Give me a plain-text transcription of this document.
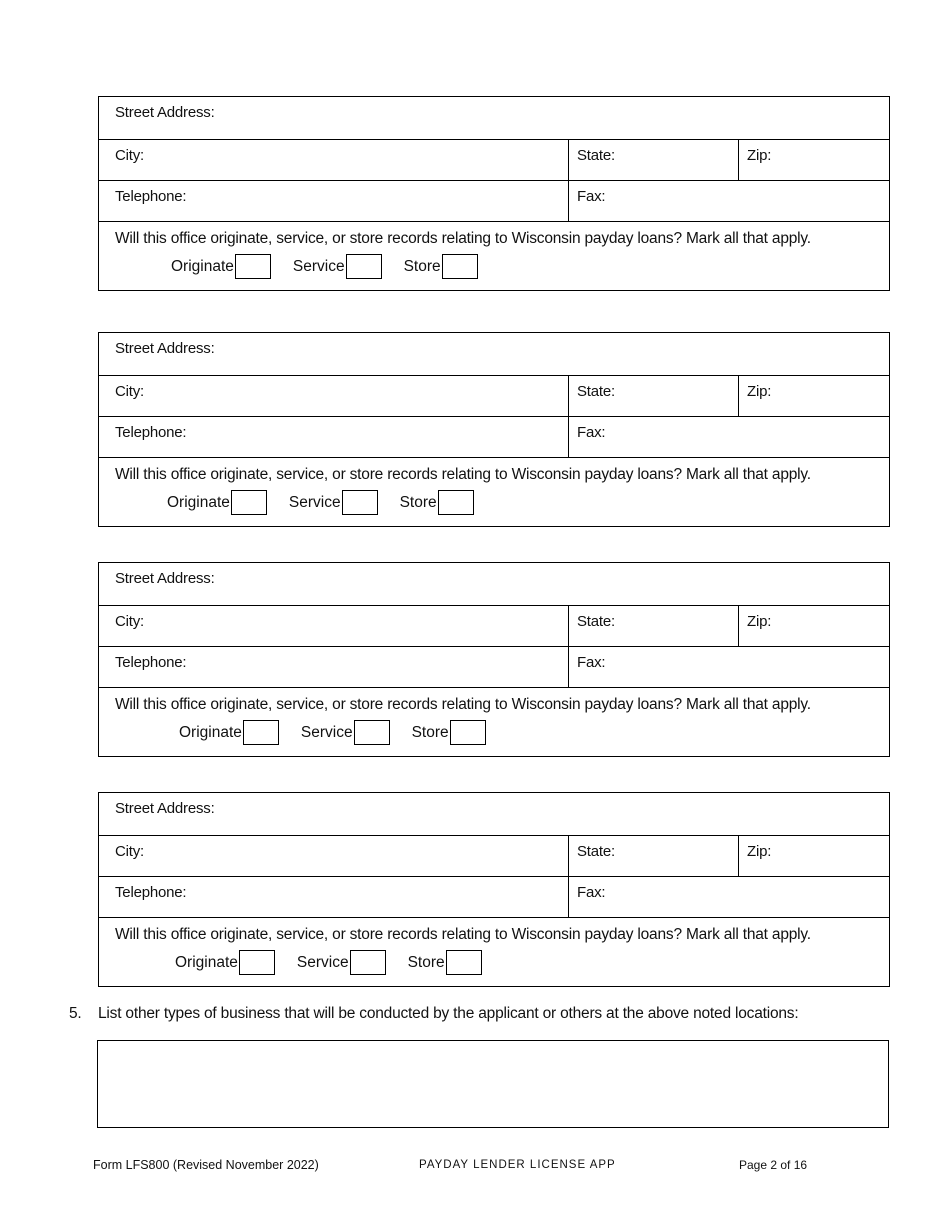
Street Address:
City:	State:	Zip:
Telephone:	Fax:
Will this office originate, service, or store records relating to Wisconsin payday loans? Mark all that apply.
Originate	Service	Store
Street Address:
City:	State:	Zip:
Telephone:	Fax:
Will this office originate, service, or store records relating to Wisconsin payday loans? Mark all that apply.
Originate	Service	Store
Street Address:
City:	State:	Zip:
Telephone:	Fax:
Will this office originate, service, or store records relating to Wisconsin payday loans? Mark all that apply.
Originate	Service	Store
Street Address:
City:	State:	Zip:
Telephone:	Fax:
Will this office originate, service, or store records relating to Wisconsin payday loans? Mark all that apply.
Originate	Service	Store
5. List other types of business that will be conducted by the applicant or others at the above noted locations:
Form LFS800 (Revised November 2022)	PAYDAY LENDER LICENSE APP	Page 2 of 16
